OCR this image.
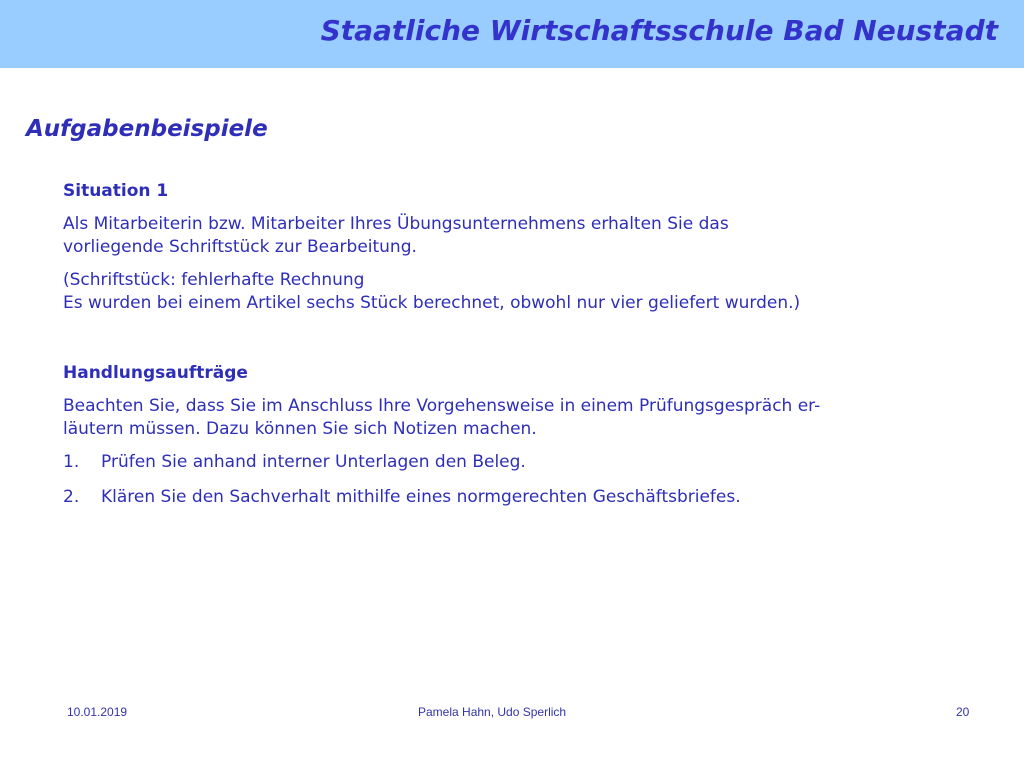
Staatliche Wirtschaftsschule Bad Neustadt
Aufgabenbeispiele

Situation 1

Als Mitarbeiterin bzw. Mitarbeiter Ihres Übungsunternehmens erhalten Sie das
vorliegende Schriftstück zur Bearbeitung.

(Schriftstück: fehlerhafte Rechnung
Es wurden bei einem Artikel sechs Stück berechnet, obwohl nur vier geliefert wurden.)

Handlungsaufträge

Beachten Sie, dass Sie im Anschluss Ihre Vorgehensweise in einem Prüfungsgespräch er-
läutern müssen. Dazu können Sie sich Notizen machen.

1.	Prüfen Sie anhand interner Unterlagen den Beleg.
2.	Klären Sie den Sachverhalt mithilfe eines normgerechten Geschäftsbriefes.
10.01.2019	Pamela Hahn, Udo Sperlich	20
